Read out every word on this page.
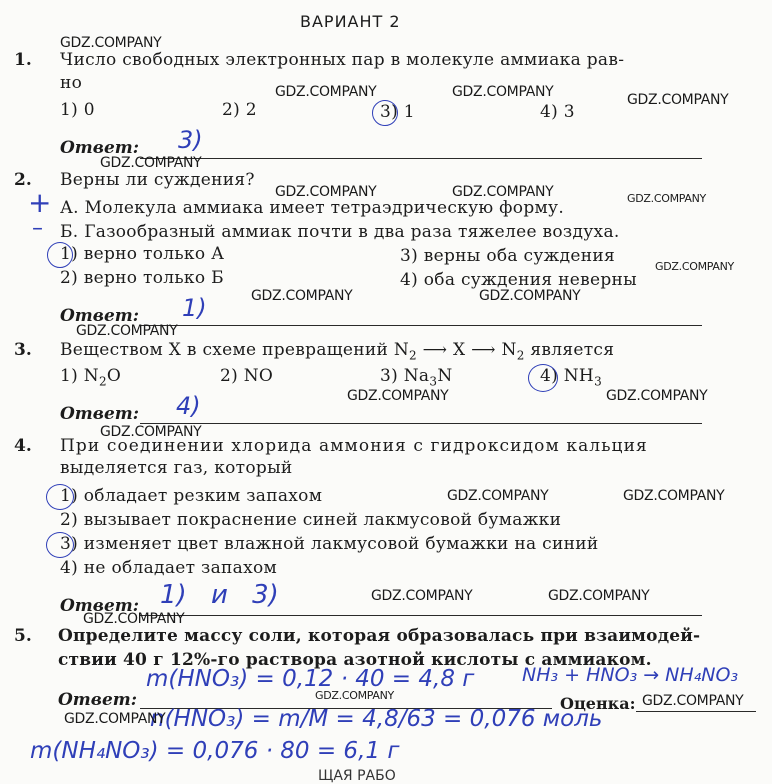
ВАРИАНТ 2
1. Число свободных электронных пар в молекуле аммиака рав-
но
1) 0	2) 2	3) 1	4) 3
Ответ: 3)
2. Верны ли суждения?
+ А. Молекула аммиака имеет тетраэдрическую форму.
– Б. Газообразный аммиак почти в два раза тяжелее воздуха.
1) верно только А	3) верны оба суждения
2) верно только Б	4) оба суждения неверны
Ответ: 1)
3. Веществом X в схеме превращений $N_2$ ⟶ X ⟶ $N_2$ является
1) $N_2O$	2) NO	3) $Na_3N$	4) $NH_3$
Ответ: 4)
4. При соединении хлорида аммония с гидроксидом кальция
выделяется газ, который
1) обладает резким запахом
2) вызывает покраснение синей лакмусовой бумажки
3) изменяет цвет влажной лакмусовой бумажки на синий
4) не обладает запахом
Ответ: 1) и 3)
5. Определите массу соли, которая образовалась при взаимодей-
ствии 40 г 12%-го раствора азотной кислоты с аммиаком.
Ответ:	Оценка:
m(HNO₃) = 0,12 · 40 = 4,8 г	NH₃ + HNO₃ → NH₄NO₃
n(HNO₃) = m/M = 4,8/63 = 0,076 моль
m(NH₄NO₃) = 0,076 · 80 = 6,1 г
ЩАЯ РАБО
GDZ.COMPANY
GDZ.COMPANY	GDZ.COMPANY	GDZ.COMPANY
GDZ.COMPANY
GDZ.COMPANY	GDZ.COMPANY	GDZ.COMPANY
GDZ.COMPANY
GDZ.COMPANY	GDZ.COMPANY
GDZ.COMPANY
GDZ.COMPANY	GDZ.COMPANY
GDZ.COMPANY
GDZ.COMPANY	GDZ.COMPANY
GDZ.COMPANY	GDZ.COMPANY
GDZ.COMPANY
GDZ.COMPANY
GDZ.COMPANY
GDZ.COMPANY
